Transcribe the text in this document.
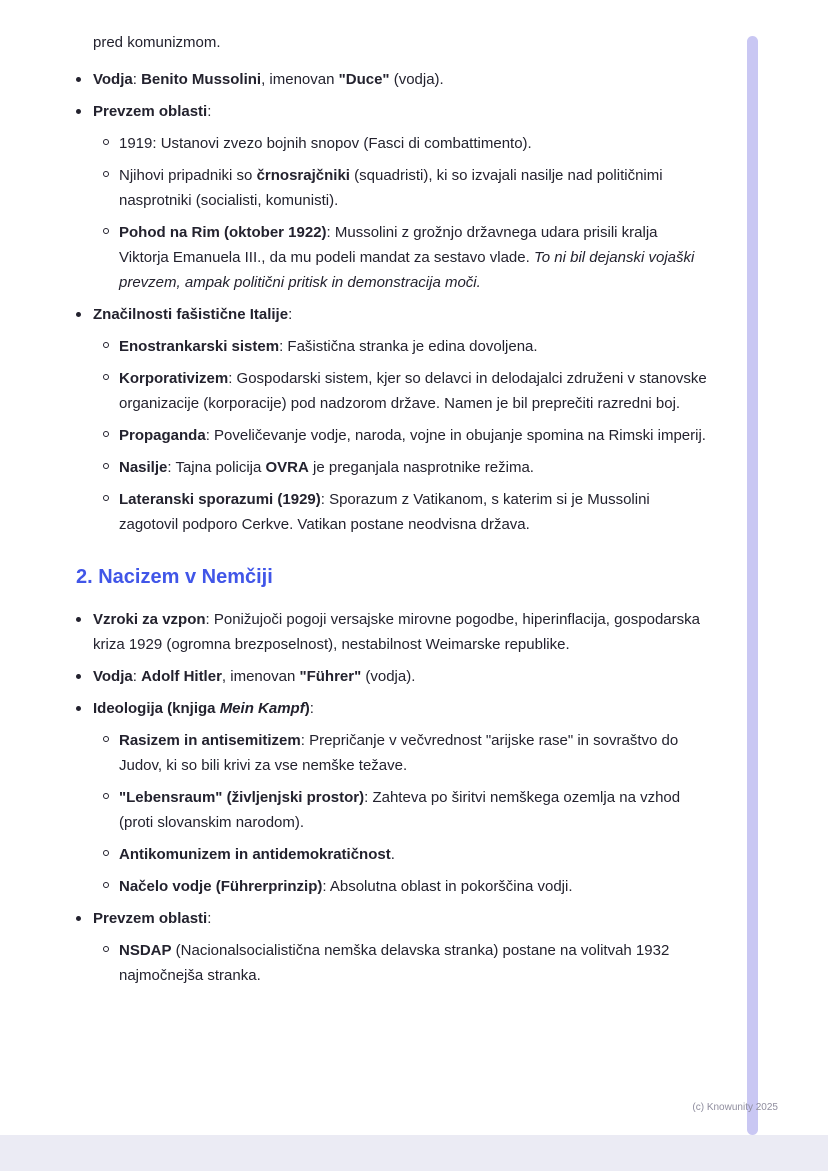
pred komunizmom.
Vodja: Benito Mussolini, imenovan "Duce" (vodja).
Prevzem oblasti:
1919: Ustanovi zvezo bojnih snopov (Fasci di combattimento).
Njihovi pripadniki so črnosrajčniki (squadristi), ki so izvajali nasilje nad političnimi nasprotniki (socialisti, komunisti).
Pohod na Rim (oktober 1922): Mussolini z grožnjo državnega udara prisili kralja Viktorja Emanuela III., da mu podeli mandat za sestavo vlade. To ni bil dejanski vojaški prevzem, ampak politični pritisk in demonstracija moči.
Značilnosti fašistične Italije:
Enostrankarski sistem: Fašistična stranka je edina dovoljena.
Korporativizem: Gospodarski sistem, kjer so delavci in delodajalci združeni v stanovske organizacije (korporacije) pod nadzorom države. Namen je bil preprečiti razredni boj.
Propaganda: Poveličevanje vodje, naroda, vojne in obujanje spomina na Rimski imperij.
Nasilje: Tajna policija OVRA je preganjala nasprotnike režima.
Lateranski sporazumi (1929): Sporazum z Vatikanom, s katerim si je Mussolini zagotovil podporo Cerkve. Vatikan postane neodvisna država.
2. Nacizem v Nemčiji
Vzroki za vzpon: Ponižujoči pogoji versajske mirovne pogodbe, hiperinflacija, gospodarska kriza 1929 (ogromna brezposelnost), nestabilnost Weimarske republike.
Vodja: Adolf Hitler, imenovan "Führer" (vodja).
Ideologija (knjiga Mein Kampf):
Rasizem in antisemitizem: Prepričanje v večvrednost "arijske rase" in sovraštvo do Judov, ki so bili krivi za vse nemške težave.
"Lebensraum" (življenjski prostor): Zahteva po širitvi nemškega ozemlja na vzhod (proti slovanskim narodom).
Antikomunizem in antidemokratičnost.
Načelo vodje (Führerprinzip): Absolutna oblast in pokorščina vodji.
Prevzem oblasti:
NSDAP (Nacionalsocialistična nemška delavska stranka) postane na volitvah 1932 najmočnejša stranka.
(c) Knowunity 2025
